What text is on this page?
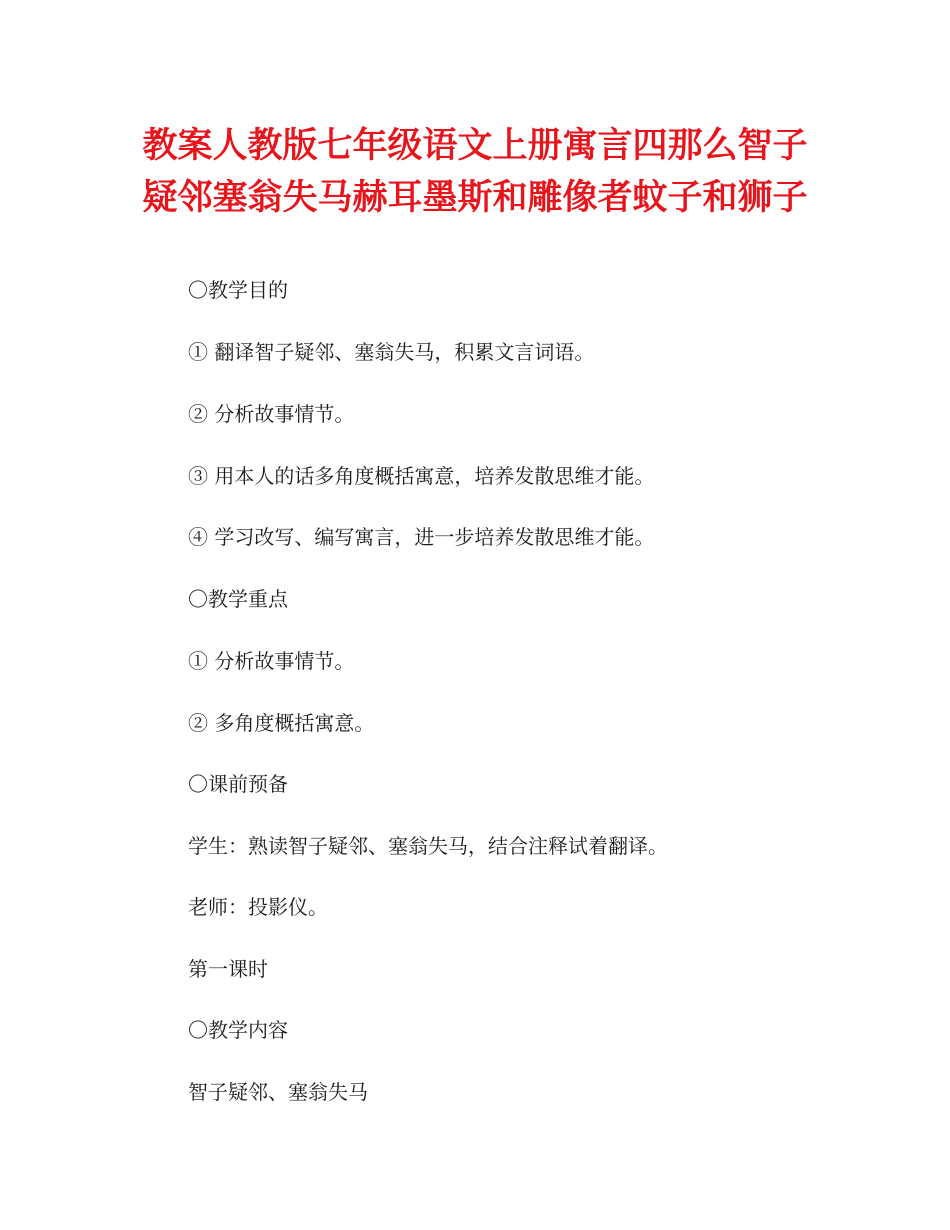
教案人教版七年级语文上册寓言四那么智子疑邻塞翁失马赫耳墨斯和雕像者蚊子和狮子

〇教学目的

① 翻译智子疑邻、塞翁失马，积累文言词语。

② 分析故事情节。

③ 用本人的话多角度概括寓意，培养发散思维才能。

④ 学习改写、编写寓言，进一步培养发散思维才能。

〇教学重点

① 分析故事情节。

② 多角度概括寓意。

〇课前预备

学生：熟读智子疑邻、塞翁失马，结合注释试着翻译。

老师：投影仪。

第一课时

〇教学内容

智子疑邻、塞翁失马
